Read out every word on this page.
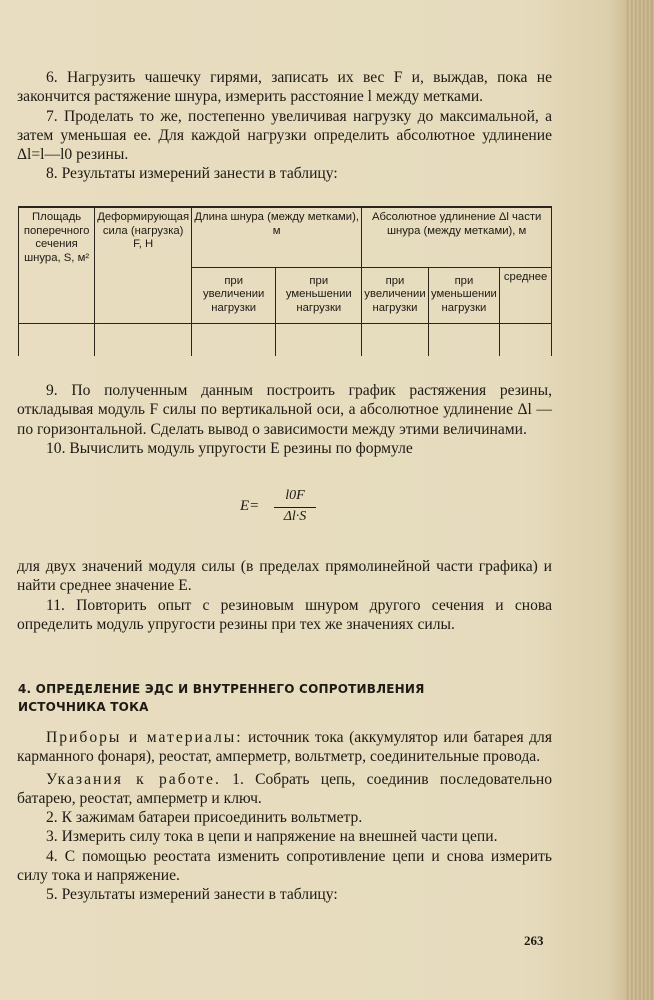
6. Нагрузить чашечку гирями, записать их вес F и, выждав, пока не закончится растяжение шнура, измерить расстояние l между метками.

7. Проделать то же, постепенно увеличивая нагрузку до максимальной, а затем уменьшая ее. Для каждой нагрузки определить абсолютное удлинение Δl=l—l0 резины.

8. Результаты измерений занести в таблицу:

Площадь поперечного сечения шнура, S, м²	Деформирующая сила (нагрузка) F, Н	Длина шнура (между метками), м		Абсолютное удлинение Δl части шнура (между метками), м		
		при увеличении нагрузки	при уменьшении нагрузки	при увеличении нагрузки	при уменьшении нагрузки	среднее

9. По полученным данным построить график растяжения резины, откладывая модуль F силы по вертикальной оси, а абсолютное удлинение Δl — по горизонтальной. Сделать вывод о зависимости между этими величинами.

10. Вычислить модуль упругости E резины по формуле

E=
l0F
Δl·S

для двух значений модуля силы (в пределах прямолинейной части графика) и найти среднее значение E.

11. Повторить опыт с резиновым шнуром другого сечения и снова определить модуль упругости резины при тех же значениях силы.

4. ОПРЕДЕЛЕНИЕ ЭДС И ВНУТРЕННЕГО СОПРОТИВЛЕНИЯ
ИСТОЧНИКА ТОКА

Приборы и материалы: источник тока (аккумулятор или батарея для карманного фонаря), реостат, амперметр, вольтметр, соединительные провода.

Указания к работе. 1. Собрать цепь, соединив последовательно батарею, реостат, амперметр и ключ.

2. К зажимам батареи присоединить вольтметр.

3. Измерить силу тока в цепи и напряжение на внешней части цепи.

4. С помощью реостата изменить сопротивление цепи и снова измерить силу тока и напряжение.

5. Результаты измерений занести в таблицу:

263
